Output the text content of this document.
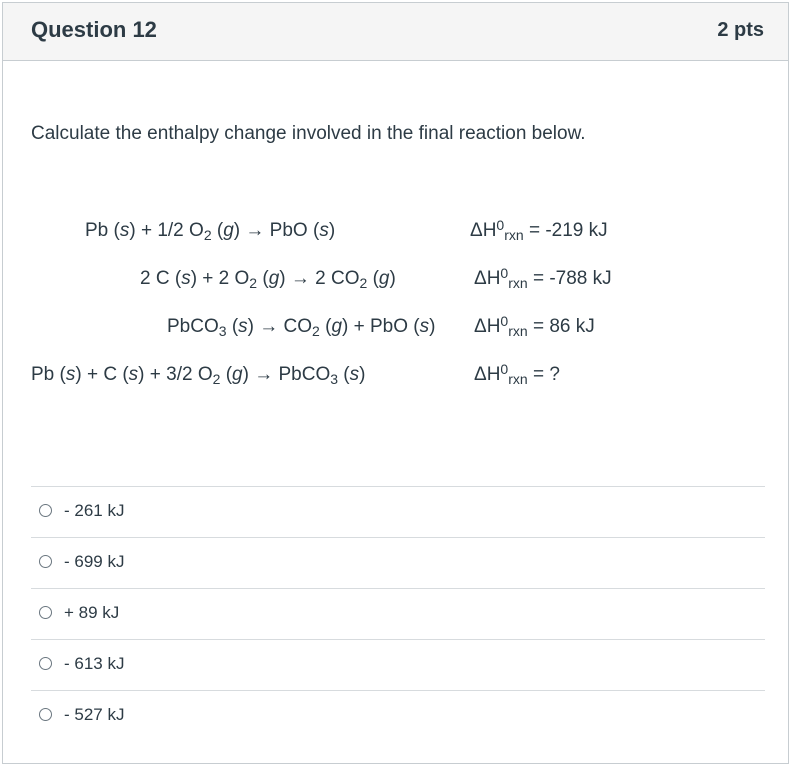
Question 12	2 pts
Calculate the enthalpy change involved in the final reaction below.
Pb (s) + 1/2 $O_2$ (g) → PbO (s)	$\Delta H^0_{rxn} = -219$ kJ
2 C (s) + 2 $O_2$ (g) → 2 $CO_2$ (g)	$\Delta H^0_{rxn} = -788$ kJ
PbCO$_3$ $(s) \to CO_2$ (g) + PbO (s) $\Delta H^0_{rxn} = 86$ kJ
Pb (s) + C (s) + 3/2 $O_2$ (g) → PbCO$_3$ (s)	$\Delta H^0_{rxn}$ = ?
- 261 kJ
- 699 kJ
+ 89 kJ
- 613 kJ
- 527 kJ
